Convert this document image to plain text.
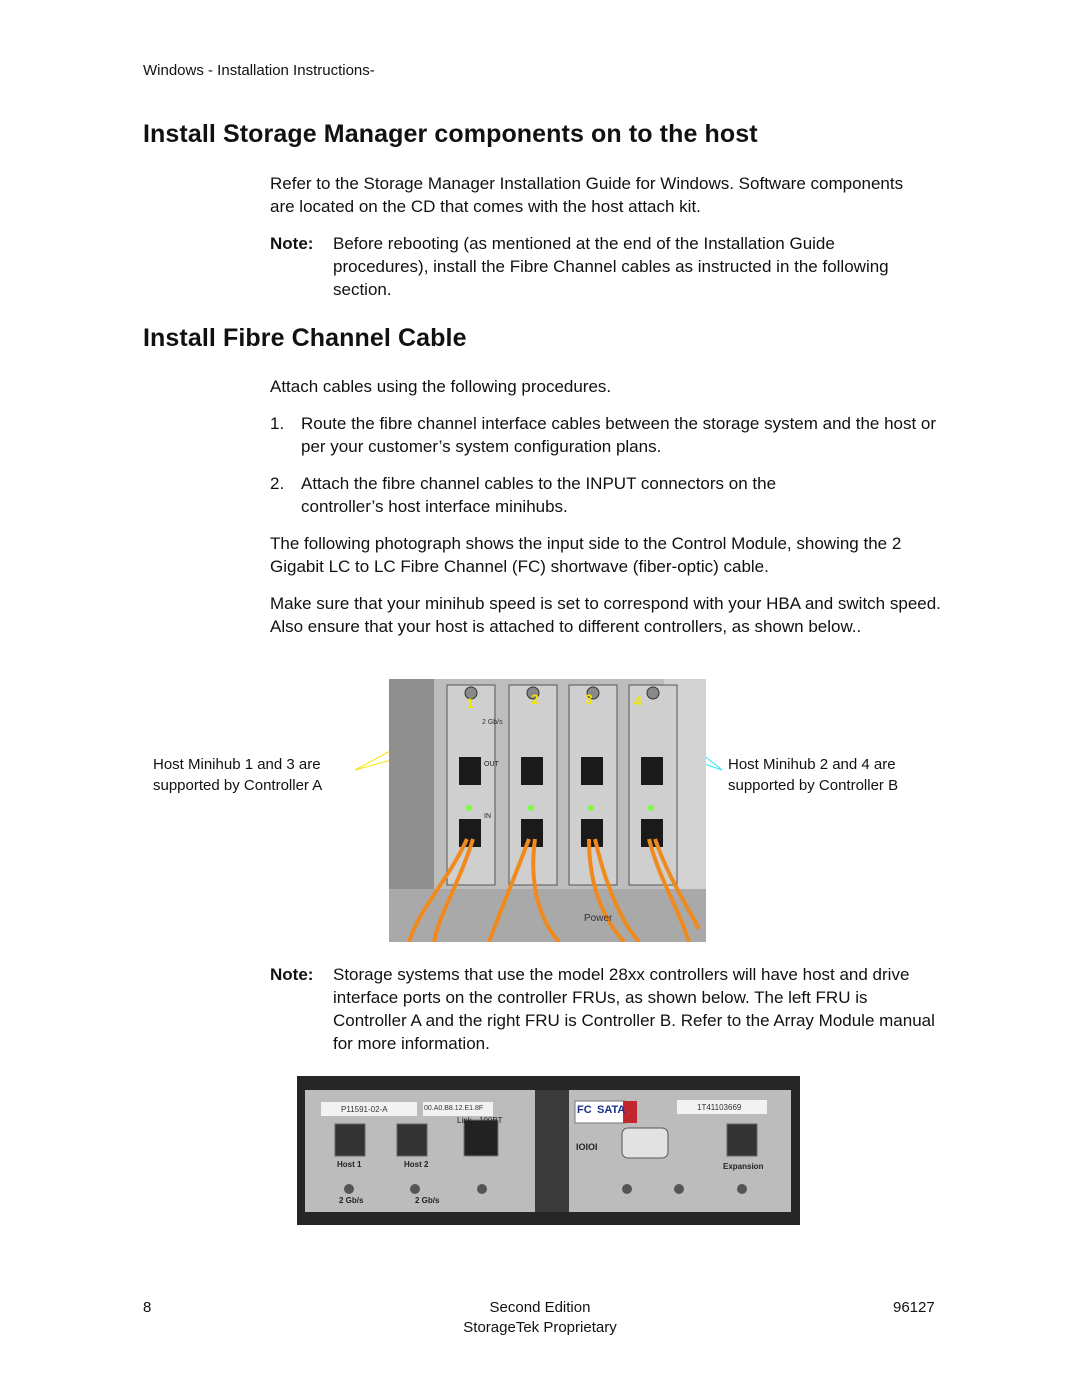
Windows - Installation Instructions-
Install Storage Manager components on to the host
Refer to the Storage Manager Installation Guide for Windows. Software components are located on the CD that comes with the host attach kit.
Note:	Before rebooting (as mentioned at the end of the Installation Guide procedures), install the Fibre Channel cables as instructed in the following section.
Install Fibre Channel Cable
Attach cables using the following procedures.
1. Route the fibre channel interface cables between the storage system and the host or per your customer’s system configuration plans.
2. Attach the fibre channel cables to the INPUT connectors on the controller’s host interface minihubs.
The following photograph shows the input side to the Control Module, showing the 2 Gigabit LC to LC Fibre Channel (FC) shortwave (fiber-optic) cable.
Make sure that your minihub speed is set to correspond with your HBA and switch speed. Also ensure that your host is attached to different controllers, as shown below..
Host Minihub 1 and 3 are
supported by Controller A
Host Minihub 2 and 4 are
supported by Controller B
Power
1	2	3	4
2 Gb/s
OUT
IN
Note:	Storage systems that use the model 28xx controllers will have host and drive interface ports on the controller FRUs, as shown below. The left FRU is Controller A and the right FRU is Controller B. Refer to the Array Module manual for more information.
P11591-02-A	00.A0.B8.12.E1.8F
Link 100BT
1T41103669
FC SATA
IOIOI
Host 1	Host 2	Expansion
2 Gb/s	2 Gb/s
8	Second Edition	96127
StorageTek Proprietary
